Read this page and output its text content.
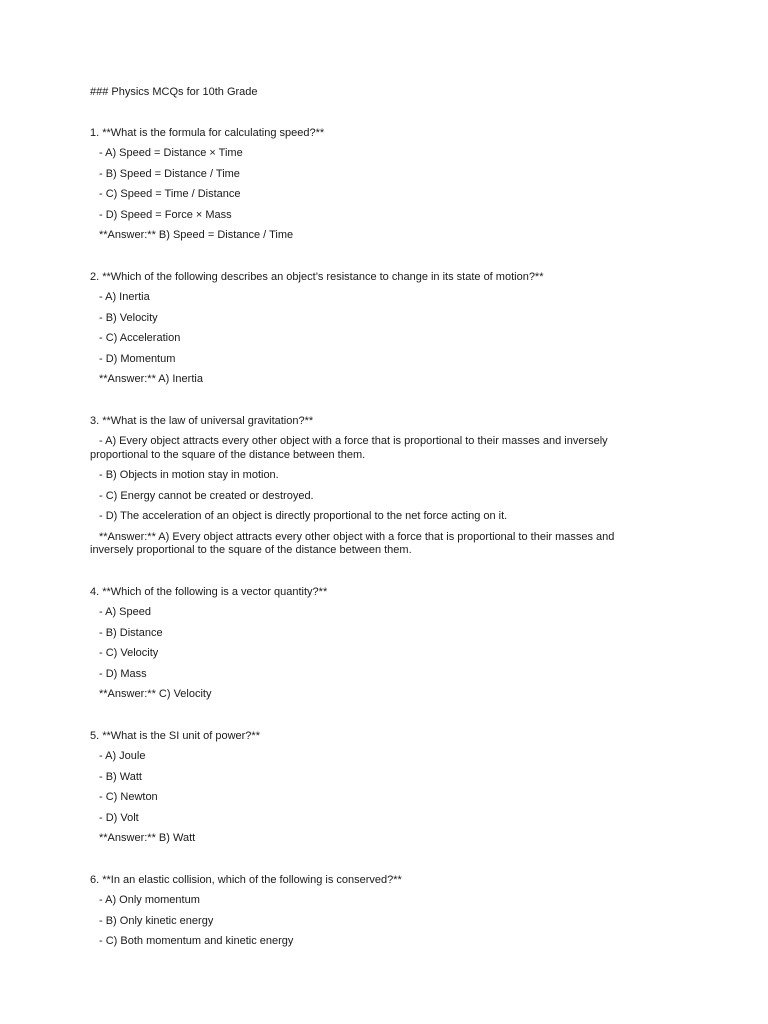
### Physics MCQs for 10th Grade
1. **What is the formula for calculating speed?**
- A) Speed = Distance × Time
- B) Speed = Distance / Time
- C) Speed = Time / Distance
- D) Speed = Force × Mass
**Answer:** B) Speed = Distance / Time
2. **Which of the following describes an object’s resistance to change in its state of motion?**
- A) Inertia
- B) Velocity
- C) Acceleration
- D) Momentum
**Answer:** A) Inertia
3. **What is the law of universal gravitation?**
- A) Every object attracts every other object with a force that is proportional to their masses and inversely proportional to the square of the distance between them.
- B) Objects in motion stay in motion.
- C) Energy cannot be created or destroyed.
- D) The acceleration of an object is directly proportional to the net force acting on it.
**Answer:** A) Every object attracts every other object with a force that is proportional to their masses and inversely proportional to the square of the distance between them.
4. **Which of the following is a vector quantity?**
- A) Speed
- B) Distance
- C) Velocity
- D) Mass
**Answer:** C) Velocity
5. **What is the SI unit of power?**
- A) Joule
- B) Watt
- C) Newton
- D) Volt
**Answer:** B) Watt
6. **In an elastic collision, which of the following is conserved?**
- A) Only momentum
- B) Only kinetic energy
- C) Both momentum and kinetic energy
